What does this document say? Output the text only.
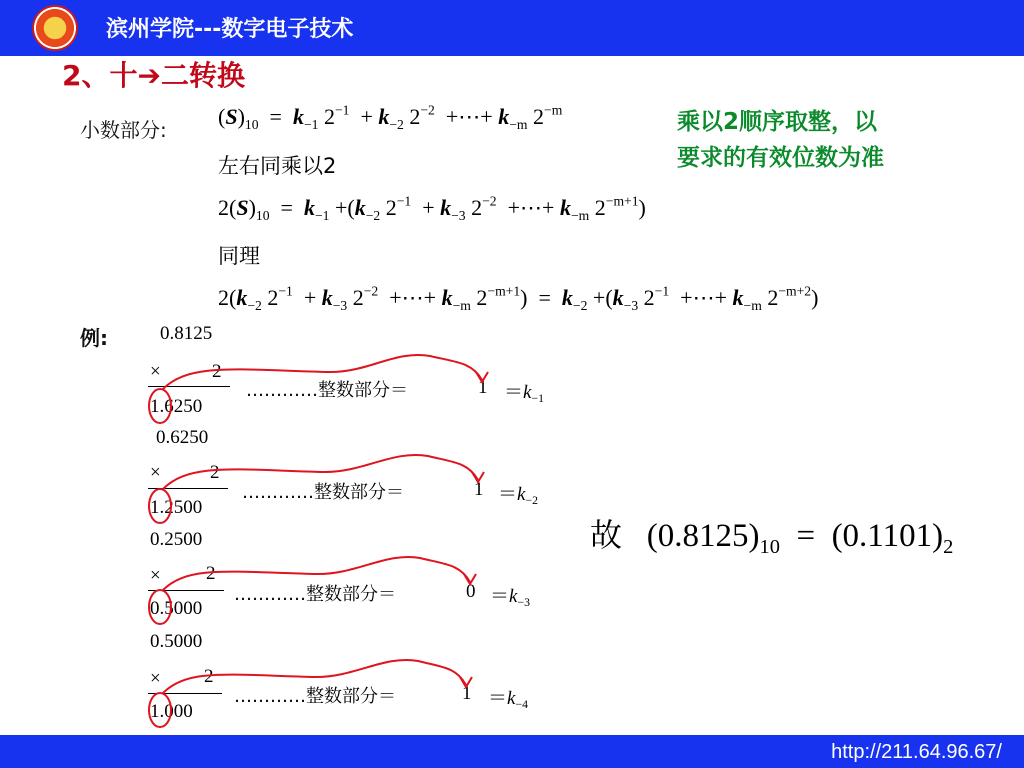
滨州学院---数字电子技术
2、十➔二转换
小数部分:	乘以2顺序取整，以
要求的有效位数为准
$(S)_{10} = k_{-1}$ $2^{-1} + k_{-2}$ $2^{-2}$ +⋯+ $k_{-m}$ $2^{-m}$
左右同乘以2
$2(S)_{10} = k_{-1} +(k_{-2}$ $2^{-1} + k_{-3}$ $2^{-2}$ +⋯+ $k_{-m}$ $2^{-m+1}$)
同理
$2(k_{-2}$ $2^{-1} + k_{-3}$ $2^{-2}$ +⋯+ $k_{-m}$ $2^{-m+1}) = k_{-2} +(k_{-3}$ $2^{-1}$ +⋯+ $k_{-m}$ $2^{-m+2}$)
例:	0.8125
×	2
1.6250
…………整数部分＝	$1 =k_{-1}$
0.6250
×	2
1.2500
…………整数部分＝	$1 =k_{-2}$
0.2500
× 2
0.5000
…………整数部分＝	$0 =k_{-3}$
0.5000
× 2
1.000
…………整数部分＝	$1 =k_{-4}$
故 $(0.8125)_{10} = (0.1101)_2$
http://211.64.96.67/
